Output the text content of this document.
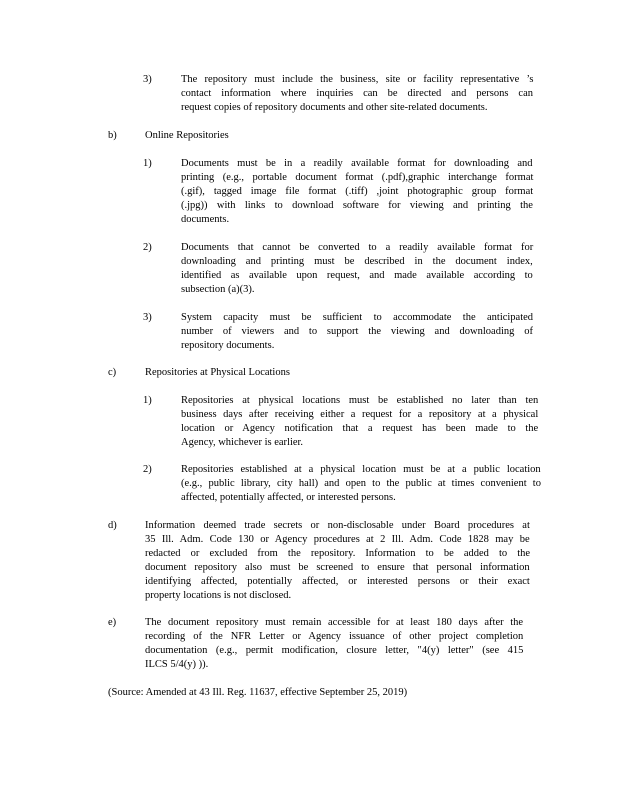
3)	The repository must include the business, site or facility representative ’s
contact information where inquiries can be directed and persons can
request copies of repository documents and other site-related documents.
b)	Online Repositories
1)	Documents must be in a readily available format for downloading and
printing (e.g., portable document format (.pdf),graphic interchange format
(.gif), tagged image file format (.tiff) ,joint photographic group format
(.jpg)) with links to download software for viewing and printing the
documents.
2)	Documents that cannot be converted to a readily available format for
downloading and printing must be described in the document index,
identified as available upon request, and made available according to
subsection (a)(3).
3)	System capacity must be sufficient to accommodate the anticipated
number of viewers and to support the viewing and downloading of
repository documents.
c)	Repositories at Physical Locations
1)	Repositories at physical locations must be established no later than ten
business days after receiving either a request for a repository at a physical
location or Agency notification that a request has been made to the
Agency, whichever is earlier.
2)	Repositories established at a physical location must be at a public location
(e.g., public library, city hall) and open to the public at times convenient to
affected, potentially affected, or interested persons.
d)	Information deemed trade secrets or non-disclosable under Board procedures at
35 Ill. Adm. Code 130 or Agency procedures at 2 Ill. Adm. Code 1828 may be
redacted or excluded from the repository. Information to be added to the
document repository also must be screened to ensure that personal information
identifying affected, potentially affected, or interested persons or their exact
property locations is not disclosed.
e)	The document repository must remain accessible for at least 180 days after the
recording of the NFR Letter or Agency issuance of other project completion
documentation (e.g., permit modification, closure letter, "4(y) letter" (see 415
ILCS 5/4(y) )).
(Source: Amended at 43 Ill. Reg. 11637, effective September 25, 2019)
